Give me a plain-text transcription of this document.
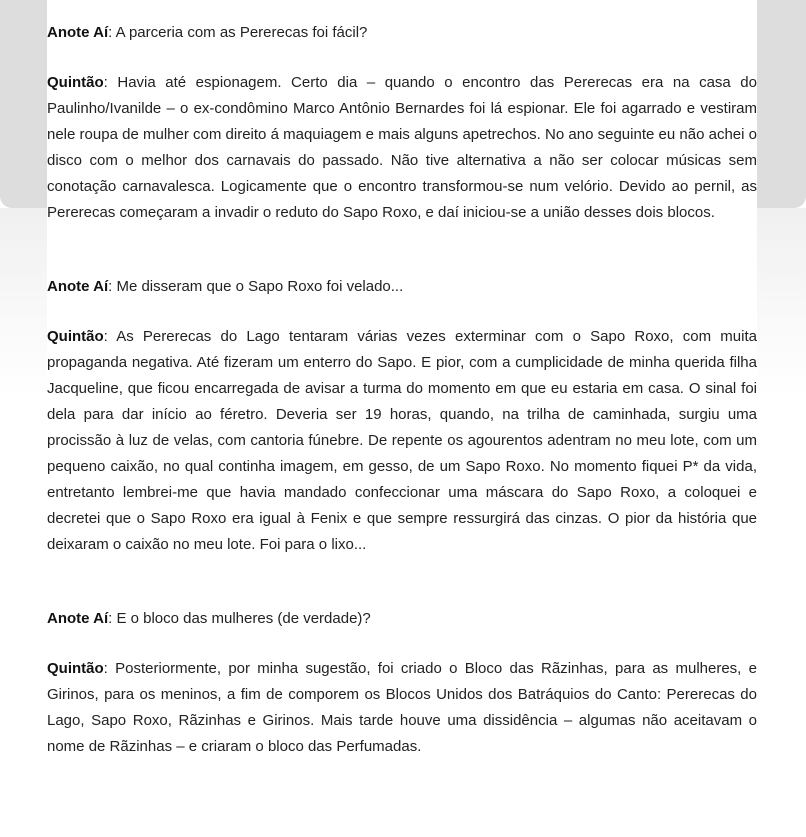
Anote Aí: A parceria com as Pererecas foi fácil?

Quintão: Havia até espionagem. Certo dia – quando o encontro das Pererecas era na casa do Paulinho/Ivanilde – o ex-condômino Marco Antônio Bernardes foi lá espionar. Ele foi agarrado e vestiram nele roupa de mulher com direito á maquiagem e mais alguns apetrechos. No ano seguinte eu não achei o disco com o melhor dos carnavais do passado. Não tive alternativa a não ser colocar músicas sem conotação carnavalesca. Logicamente que o encontro transformou-se num velório. Devido ao pernil, as Pererecas começaram a invadir o reduto do Sapo Roxo, e daí iniciou-se a união desses dois blocos.

Anote Aí: Me disseram que o Sapo Roxo foi velado...

Quintão: As Pererecas do Lago tentaram várias vezes exterminar com o Sapo Roxo, com muita propaganda negativa. Até fizeram um enterro do Sapo. E pior, com a cumplicidade de minha querida filha Jacqueline, que ficou encarregada de avisar a turma do momento em que eu estaria em casa. O sinal foi dela para dar início ao féretro. Deveria ser 19 horas, quando, na trilha de caminhada, surgiu uma procissão à luz de velas, com cantoria fúnebre. De repente os agourentos adentram no meu lote, com um pequeno caixão, no qual continha imagem, em gesso, de um Sapo Roxo. No momento fiquei P* da vida, entretanto lembrei-me que havia mandado confeccionar uma máscara do Sapo Roxo, a coloquei e decretei que o Sapo Roxo era igual à Fenix e que sempre ressurgirá das cinzas. O pior da história que deixaram o caixão no meu lote. Foi para o lixo...

Anote Aí: E o bloco das mulheres (de verdade)?

Quintão: Posteriormente, por minha sugestão, foi criado o Bloco das Rãzinhas, para as mulheres, e Girinos, para os meninos, a fim de comporem os Blocos Unidos dos Batráquios do Canto: Pererecas do Lago, Sapo Roxo, Rãzinhas e Girinos. Mais tarde houve uma dissidência – algumas não aceitavam o nome de Rãzinhas – e criaram o bloco das Perfumadas.
